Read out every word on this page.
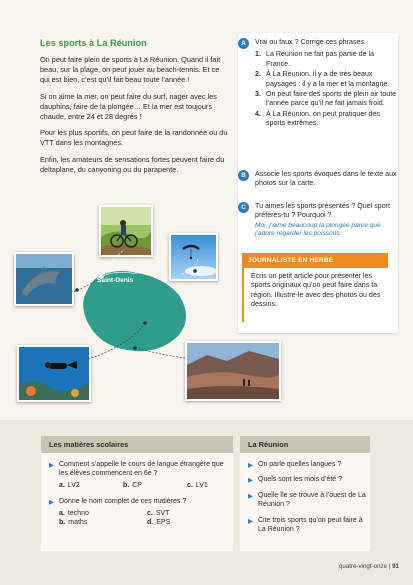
Les sports à La Réunion

On peut faire plein de sports à La Réunion. Quand il fait beau, sur la plage, on peut jouer au beach-tennis. Et ce qui est bien, c’est qu’il fait beau toute l’année !

Si on aime la mer, on peut faire du surf, nager avec les dauphins, faire de la plongée… Et la mer est toujours chaude, entre 24 et 28 degrés !

Pour les plus sportifs, on peut faire de la randonnée ou du VTT dans les montagnes.

Enfin, les amateurs de sensations fortes peuvent faire du deltaplane, du canyoning ou du parapente.

Saint-Denis
A	Vrai ou faux ? Corrige ces phrases.
1. La Réunion ne fait pas partie de la France.
2. À La Réunion, il y a de très beaux paysages : il y a la mer et la montagne.
3. On peut faire des sports de plein air toute l’année parce qu’il ne fait jamais froid.
4. À La Réunion, on peut pratiquer des sports extrêmes.
B	Associe les sports évoqués dans le texte aux photos sur la carte.
C	Tu aimes les sports présentés ? Quel sport préfères-tu ? Pourquoi ?
Moi, j’aime beaucoup la plongée parce que j’adore regarder les poissons.
JOURNALISTE EN HERBE
Écris un petit article pour présenter les sports originaux qu’on peut faire dans ta région. Illustre-le avec des photos ou des dessins.
Les matières scolaires
▶ Comment s’appelle le cours de langue étrangère que les élèves commencent en 6e ?
a. LV2	b. CP	c. LV1
▶ Donne le nom complet de ces matières ?
a. techno
b. maths
c. SVT
d. EPS
La Réunion
▶ On parle quelles langues ?
▶ Quels sont les mois d’été ?
▶ Quelle île se trouve à l’ouest de La Réunion ?
▶ Cite trois sports qu’on peut faire à La Réunion ?
quatre-vingt-onze | 91
